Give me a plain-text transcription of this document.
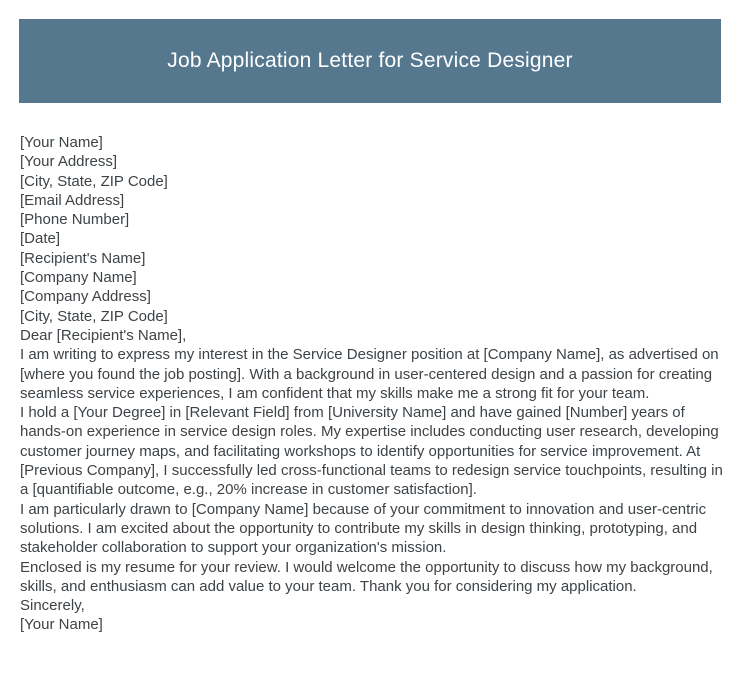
Job Application Letter for Service Designer

[Your Name]

[Your Address]

[City, State, ZIP Code]

[Email Address]

[Phone Number]

[Date]

[Recipient's Name]

[Company Name]

[Company Address]

[City, State, ZIP Code]

Dear [Recipient's Name],

I am writing to express my interest in the Service Designer position at [Company Name], as advertised on [where you found the job posting]. With a background in user-centered design and a passion for creating seamless service experiences, I am confident that my skills make me a strong fit for your team.

I hold a [Your Degree] in [Relevant Field] from [University Name] and have gained [Number] years of hands-on experience in service design roles. My expertise includes conducting user research, developing customer journey maps, and facilitating workshops to identify opportunities for service improvement. At [Previous Company], I successfully led cross-functional teams to redesign service touchpoints, resulting in a [quantifiable outcome, e.g., 20% increase in customer satisfaction].

I am particularly drawn to [Company Name] because of your commitment to innovation and user-centric solutions. I am excited about the opportunity to contribute my skills in design thinking, prototyping, and stakeholder collaboration to support your organization's mission.

Enclosed is my resume for your review. I would welcome the opportunity to discuss how my background, skills, and enthusiasm can add value to your team. Thank you for considering my application.

Sincerely,

[Your Name]
